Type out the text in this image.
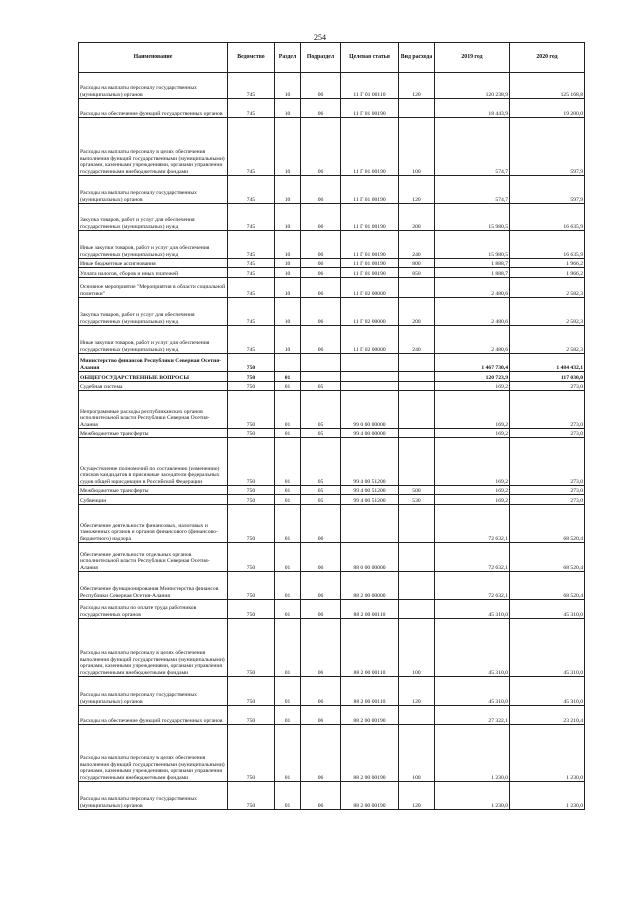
254
Наименование	Ведомство	Раздел	Подраздел	Целевая статья	Вид расхода	2019 год	2020 год
Расходы на выплаты персоналу государственных (муниципальных) органов	745	10	06	11 Г 01 00110	120	120 238,9	125 168,8
Расходы на обеспечение функций государственных органов	745	10	06	11 Г 01 00190		18 443,9	19 200,0
Расходы на выплаты персоналу в целях обеспечения выполнения функций государственными (муниципальными) органами, казенными учреждениями, органами управления государственными внебюджетными фондами	745	10	06	11 Г 01 00190	100	574,7	597,9
Расходы на выплаты персоналу государственных (муниципальных) органов	745	10	06	11 Г 01 00190	120	574,7	597,9
Закупка товаров, работ и услуг для обеспечения государственных (муниципальных) нужд	745	10	06	11 Г 01 00190	200	15 980,5	16 635,9
Иные закупки товаров, работ и услуг для обеспечения государственных (муниципальных) нужд	745	10	06	11 Г 01 00190	240	15 980,5	16 635,9
Иные бюджетные ассигнования	745	10	06	11 Г 01 00190	800	1 888,7	1 966,2
Уплата налогов, сборов и иных платежей	745	10	06	11 Г 01 00190	850	1 888,7	1 966,2
Основное мероприятие "Мероприятия в области социальной политики"	745	10	06	11 Г 02 00000		2 480,6	2 582,3
Закупка товаров, работ и услуг для обеспечения государственных (муниципальных) нужд	745	10	06	11 Г 02 00000	200	2 480,6	2 582,3
Иные закупки товаров, работ и услуг для обеспечения государственных (муниципальных) нужд	745	10	06	11 Г 02 00000	240	2 480,6	2 582,3
Министерство финансов Республики Северная Осетия-Алания	750					1 467 730,4	1 484 432,1
ОБЩЕГОСУДАРСТВЕННЫЕ ВОПРОСЫ	750	01				120 723,9	117 030,0
Судебная система	750	01	05			169,2	273,0
Непрограммные расходы республиканских органов исполнительной власти Республики Северная Осетия-Алания	750	01	05	99 0 00 00000		169,2	273,0
Межбюджетные трансферты	750	01	05	99 4 00 00000		169,2	273,0
Осуществление полномочий по составлению (изменению) списков кандидатов в присяжные заседатели федеральных судов общей юрисдикции в Российской Федерации	750	01	05	99 4 00 51200		169,2	273,0
Межбюджетные трансферты	750	01	05	99 4 00 51200	500	169,2	273,0
Субвенции	750	01	05	99 4 00 51200	530	169,2	273,0
Обеспечение деятельности финансовых, налоговых и таможенных органов и органов финансового (финансово-бюджетного) надзора	750	01	06			72 632,1	68 520,4
Обеспечение деятельности отдельных органов исполнительной власти Республики Северная Осетия-Алания	750	01	06	88 0 00 00000		72 632,1	68 520,4
Обеспечение функционирования Министерства финансов Республики Северная Осетия-Алания	750	01	06	88 2 00 00000		72 632,1	68 520,4
Расходы на выплаты по оплате труда работников государственных органов	750	01	06	88 2 00 00110		45 310,0	45 310,0
Расходы на выплаты персоналу в целях обеспечения выполнения функций государственными (муниципальными) органами, казенными учреждениями, органами управления государственными внебюджетными фондами	750	01	06	88 2 00 00110	100	45 310,0	45 310,0
Расходы на выплаты персоналу государственных (муниципальных) органов	750	01	06	88 2 00 00110	120	45 310,0	45 310,0
Расходы на обеспечение функций государственных органов	750	01	06	88 2 00 00190		27 322,1	23 210,4
Расходы на выплаты персоналу в целях обеспечения выполнения функций государственными (муниципальными) органами, казенными учреждениями, органами управления государственными внебюджетными фондами	750	01	06	88 2 00 00190	100	1 230,0	1 230,0
Расходы на выплаты персоналу государственных (муниципальных) органов	750	01	06	88 2 00 00190	120	1 230,0	1 230,0
